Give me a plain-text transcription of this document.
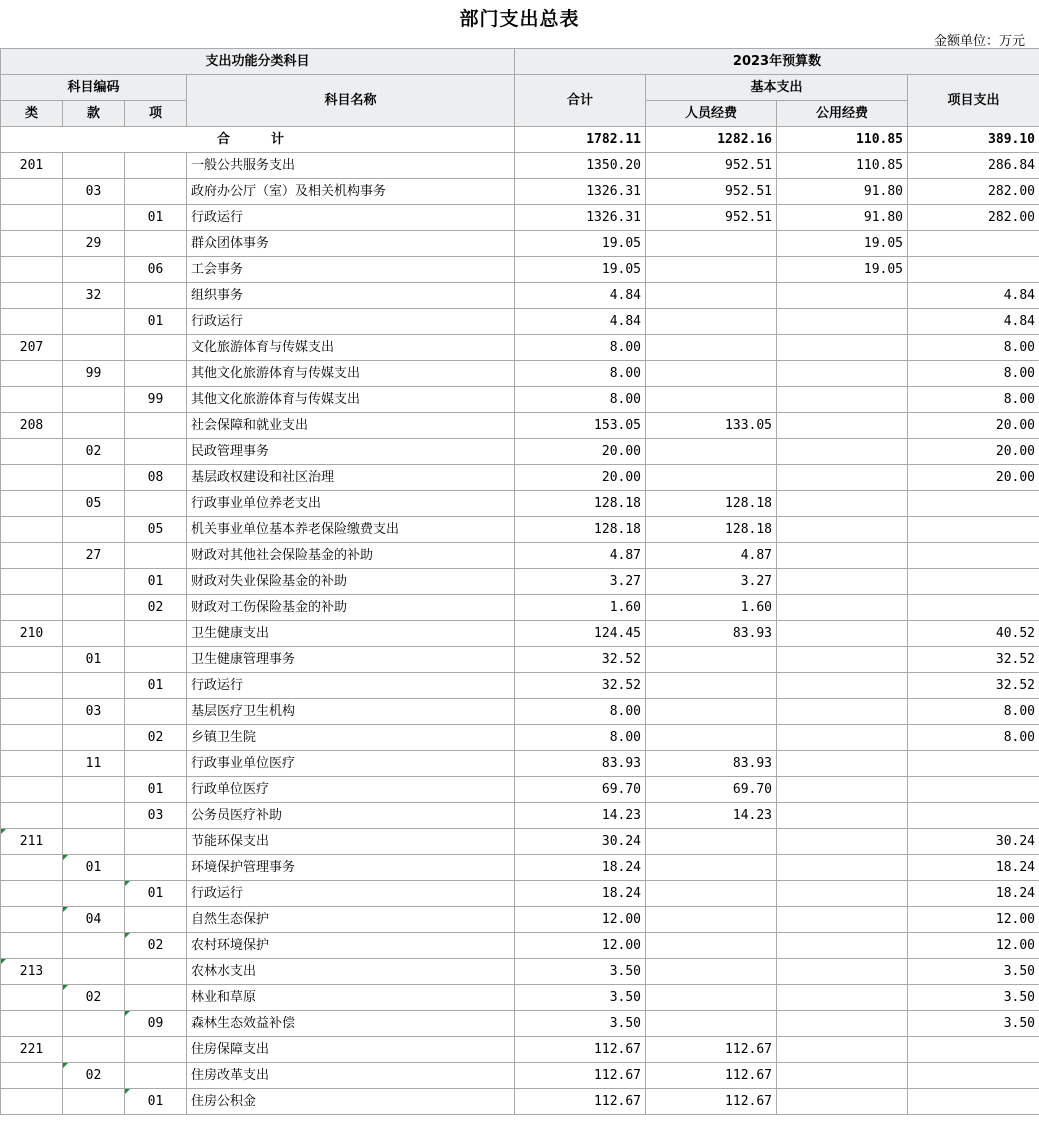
部门支出总表
金额单位：万元
支出功能分类科目				2023年预算数			
科目编码			科目名称	合计	基本支出		项目支出
类	款	项			人员经费	公用经费	
合　计				1782.11	1282.16	110.85	389.10
201			一般公共服务支出	1350.20	952.51	110.85	286.84
	03		政府办公厅（室）及相关机构事务	1326.31	952.51	91.80	282.00
		01	行政运行	1326.31	952.51	91.80	282.00
	29		群众团体事务	19.05		19.05	
		06	工会事务	19.05		19.05	
	32		组织事务	4.84			4.84
		01	行政运行	4.84			4.84
207			文化旅游体育与传媒支出	8.00			8.00
	99		其他文化旅游体育与传媒支出	8.00			8.00
		99	其他文化旅游体育与传媒支出	8.00			8.00
208			社会保障和就业支出	153.05	133.05		20.00
	02		民政管理事务	20.00			20.00
		08	基层政权建设和社区治理	20.00			20.00
	05		行政事业单位养老支出	128.18	128.18		
		05	机关事业单位基本养老保险缴费支出	128.18	128.18		
	27		财政对其他社会保险基金的补助	4.87	4.87		
		01	财政对失业保险基金的补助	3.27	3.27		
		02	财政对工伤保险基金的补助	1.60	1.60		
210			卫生健康支出	124.45	83.93		40.52
	01		卫生健康管理事务	32.52			32.52
		01	行政运行	32.52			32.52
	03		基层医疗卫生机构	8.00			8.00
		02	乡镇卫生院	8.00			8.00
	11		行政事业单位医疗	83.93	83.93		
		01	行政单位医疗	69.70	69.70		
		03	公务员医疗补助	14.23	14.23		
211			节能环保支出	30.24			30.24
	01		环境保护管理事务	18.24			18.24
		01	行政运行	18.24			18.24
	04		自然生态保护	12.00			12.00
		02	农村环境保护	12.00			12.00
213			农林水支出	3.50			3.50
	02		林业和草原	3.50			3.50
		09	森林生态效益补偿	3.50			3.50
221			住房保障支出	112.67	112.67		
	02		住房改革支出	112.67	112.67		
		01	住房公积金	112.67	112.67		
